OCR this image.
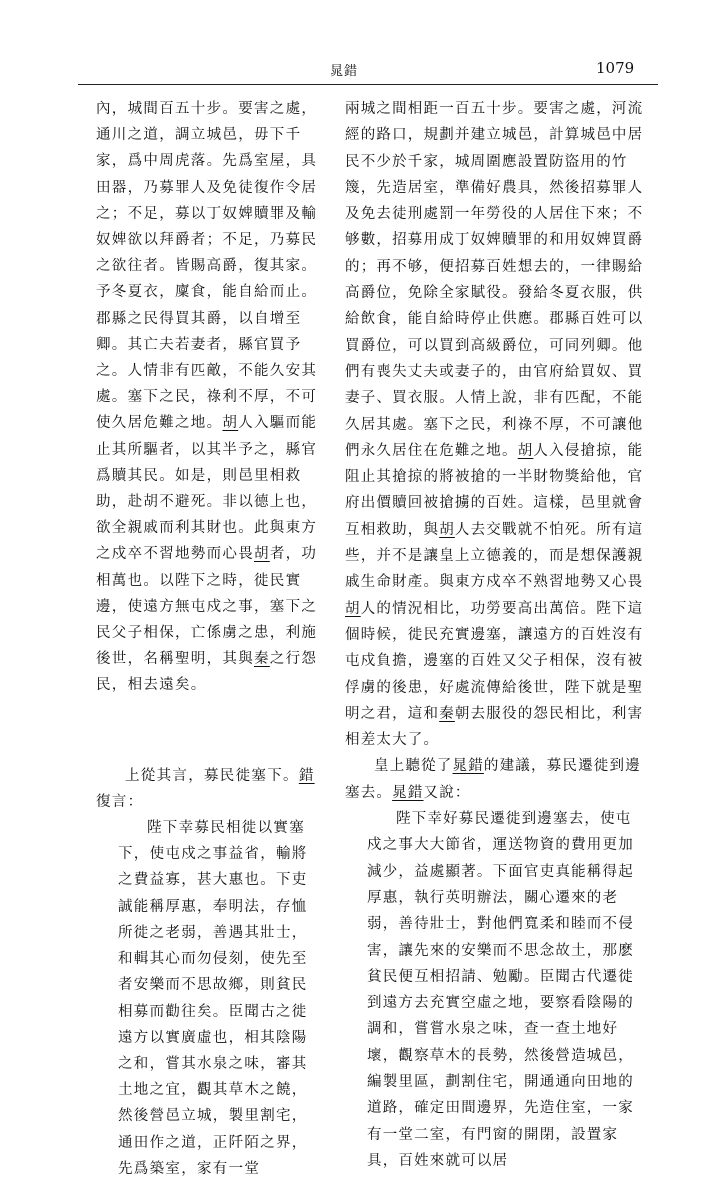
晁錯	1079

內，城間百五十步。要害之處，通川之道，調立城邑，毋下千家，爲中周虎落。先爲室屋，具田器，乃募罪人及免徒復作令居之；不足，募以丁奴婢贖罪及輸奴婢欲以拜爵者；不足，乃募民之欲往者。皆賜高爵，復其家。予冬夏衣，廩食，能自給而止。郡縣之民得買其爵，以自增至卿。其亡夫若妻者，縣官買予之。人情非有匹敵，不能久安其處。塞下之民，祿利不厚，不可使久居危難之地。胡人入驅而能止其所驅者，以其半予之，縣官爲贖其民。如是，則邑里相救助，赴胡不避死。非以德上也，欲全親戚而利其財也。此與東方之戍卒不習地勢而心畏胡者，功相萬也。以陛下之時，徙民實邊，使遠方無屯戍之事，塞下之民父子相保，亡係虜之患，利施後世，名稱聖明，其與秦之行怨民，相去遠矣。

上從其言，募民徙塞下。錯復言：

陛下幸募民相徙以實塞下，使屯戍之事益省，輸將之費益寡，甚大惠也。下吏誠能稱厚惠，奉明法，存恤所徙之老弱，善遇其壯士，和輯其心而勿侵刻，使先至者安樂而不思故鄉，則貧民相募而勸往矣。臣聞古之徙遠方以實廣虛也，相其陰陽之和，嘗其水泉之味，審其土地之宜，觀其草木之饒，然後營邑立城，製里割宅，通田作之道，正阡陌之界，先爲築室，家有一堂

兩城之間相距一百五十步。要害之處，河流經的路口，規劃并建立城邑，計算城邑中居民不少於千家，城周圍應設置防盜用的竹篾，先造居室，準備好農具，然後招募罪人及免去徒刑處罰一年勞役的人居住下來；不够數，招募用成丁奴婢贖罪的和用奴婢買爵的；再不够，便招募百姓想去的，一律賜給高爵位，免除全家賦役。發給冬夏衣服，供給飲食，能自給時停止供應。郡縣百姓可以買爵位，可以買到高級爵位，可同列卿。他們有喪失丈夫或妻子的，由官府給買奴、買妻子、買衣服。人情上說，非有匹配，不能久居其處。塞下之民，利祿不厚，不可讓他們永久居住在危難之地。胡人入侵搶掠，能阻止其搶掠的將被搶的一半財物獎給他，官府出價贖回被搶擄的百姓。這樣，邑里就會互相救助，與胡人去交戰就不怕死。所有這些，并不是讓皇上立德義的，而是想保護親戚生命財產。與東方戍卒不熟習地勢又心畏胡人的情況相比，功勞要高出萬倍。陛下這個時候，徙民充實邊塞，讓遠方的百姓沒有屯戍負擔，邊塞的百姓又父子相保，沒有被俘虜的後患，好處流傳給後世，陛下就是聖明之君，這和秦朝去服役的怨民相比，利害相差太大了。

皇上聽從了晁錯的建議，募民遷徙到邊塞去。晁錯又說：

陛下幸好募民遷徙到邊塞去，使屯戍之事大大節省，運送物資的費用更加減少，益處顯著。下面官吏真能稱得起厚惠，執行英明辦法，關心遷來的老弱，善待壯士，對他們寬柔和睦而不侵害，讓先來的安樂而不思念故土，那麽貧民便互相招請、勉勵。臣聞古代遷徙到遠方去充實空虛之地，要察看陰陽的調和，嘗嘗水泉之味，查一查土地好壞，觀察草木的長勢，然後營造城邑，編製里區，劃割住宅，開通通向田地的道路，確定田間邊界，先造住室，一家有一堂二室，有門窗的開閉，設置家具，百姓來就可以居
